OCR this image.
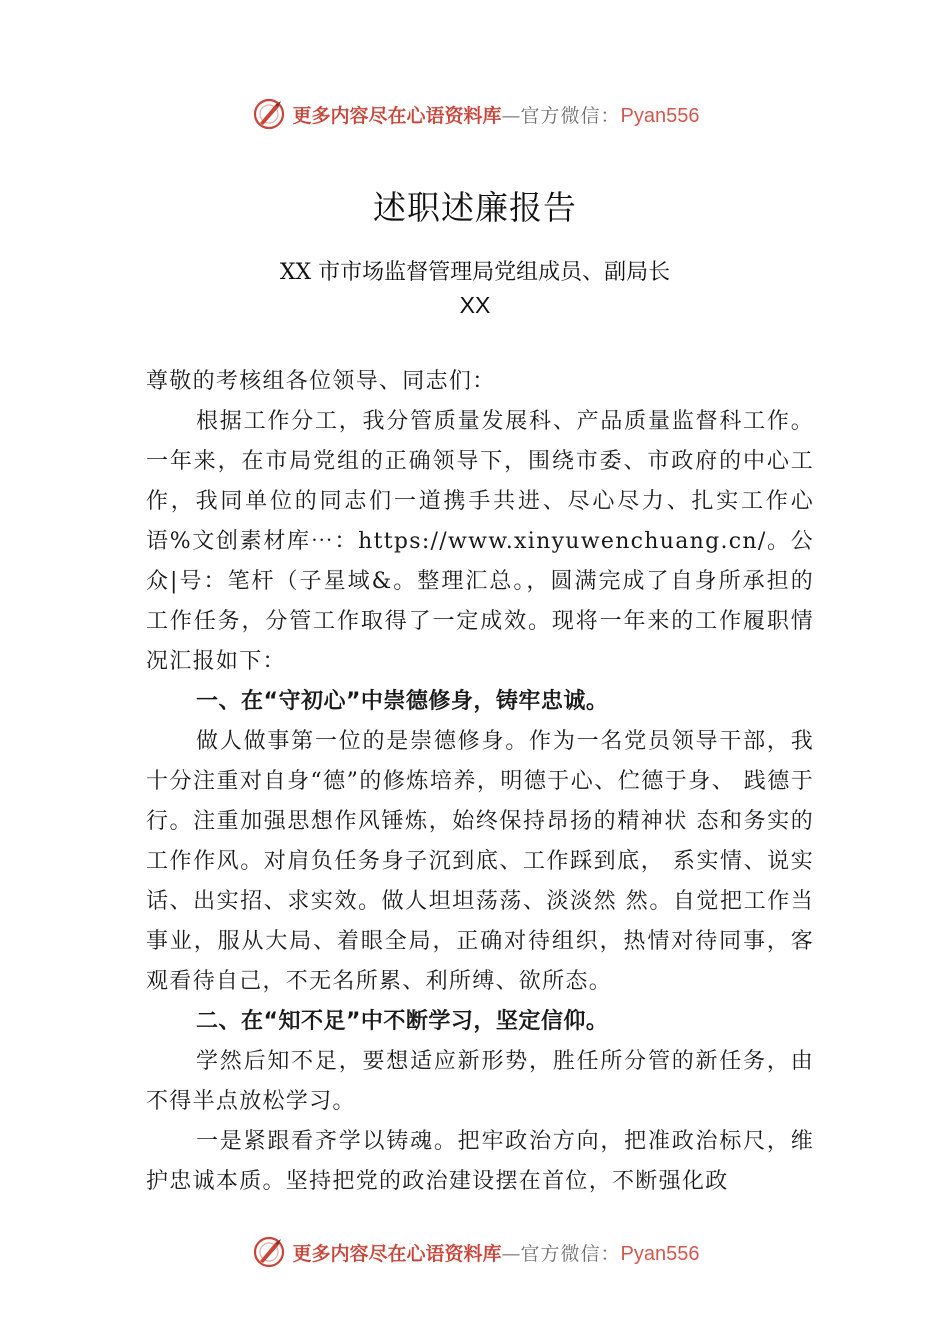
更多内容尽在心语资料库 — 官方微信： Pyan556
述职述廉报告
XX 市市场监督管理局党组成员、副局长
XX

尊敬的考核组各位领导、同志们：

根据工作分工，我分管质量发展科、产品质量监督科工作。一年来，在市局党组的正确领导下，围绕市委、市政府的中心工作，我同单位的同志们一道携手共进、尽心尽力、扎实工作心语%文创素材库⋯：https://www.xinyuwenchuang.cn/。公众|号：笔杆（子星域&。整理汇总。，圆满完成了自身所承担的工作任务，分管工作取得了一定成效。现将一年来的工作履职情况汇报如下：

一、在“守初心”中崇德修身，铸牢忠诚。

做人做事第一位的是崇德修身。作为一名党员领导干部，我十分注重对自身“德”的修炼培养，明德于心、伫德于身、 践德于行。注重加强思想作风锤炼，始终保持昂扬的精神状 态和务实的工作作风。对肩负任务身子沉到底、工作踩到底， 系实情、说实话、出实招、求实效。做人坦坦荡荡、淡淡然 然。自觉把工作当事业，服从大局、着眼全局，正确对待组织，热情对待同事，客观看待自己，不无名所累、利所缚、欲所态。

二、在“知不足”中不断学习，坚定信仰。

学然后知不足，要想适应新形势，胜任所分管的新任务，由不得半点放松学习。

一是紧跟看齐学以铸魂。把牢政治方向，把准政治标尺，维护忠诚本质。坚持把党的政治建设摆在首位，不断强化政

更多内容尽在心语资料库 — 官方微信： Pyan556
